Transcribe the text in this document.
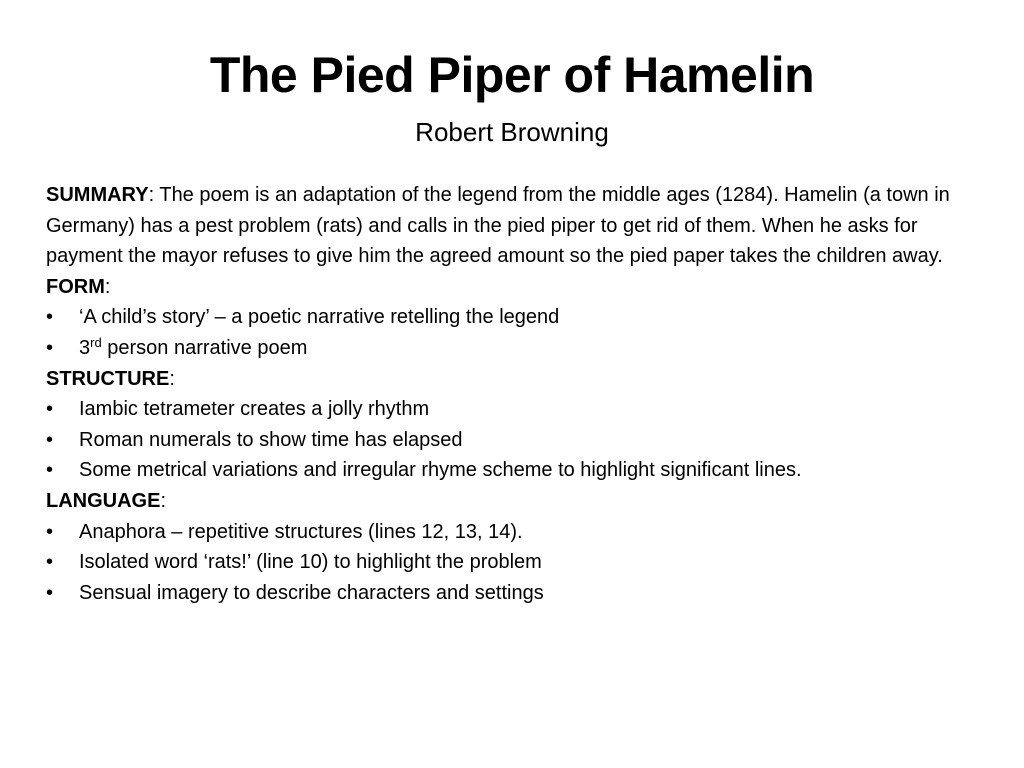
The Pied Piper of Hamelin
Robert Browning

SUMMARY: The poem is an adaptation of the legend from the middle ages (1284). Hamelin (a town in Germany) has a pest problem (rats) and calls in the pied piper to get rid of them. When he asks for payment the mayor refuses to give him the agreed amount so the pied paper takes the children away.

FORM:

• ‘A child’s story’ – a poetic narrative retelling the legend
• 3rd person narrative poem

STRUCTURE:

• Iambic tetrameter creates a jolly rhythm
• Roman numerals to show time has elapsed
• Some metrical variations and irregular rhyme scheme to highlight significant lines.

LANGUAGE:

• Anaphora – repetitive structures (lines 12, 13, 14).
• Isolated word ‘rats!’ (line 10) to highlight the problem
• Sensual imagery to describe characters and settings
